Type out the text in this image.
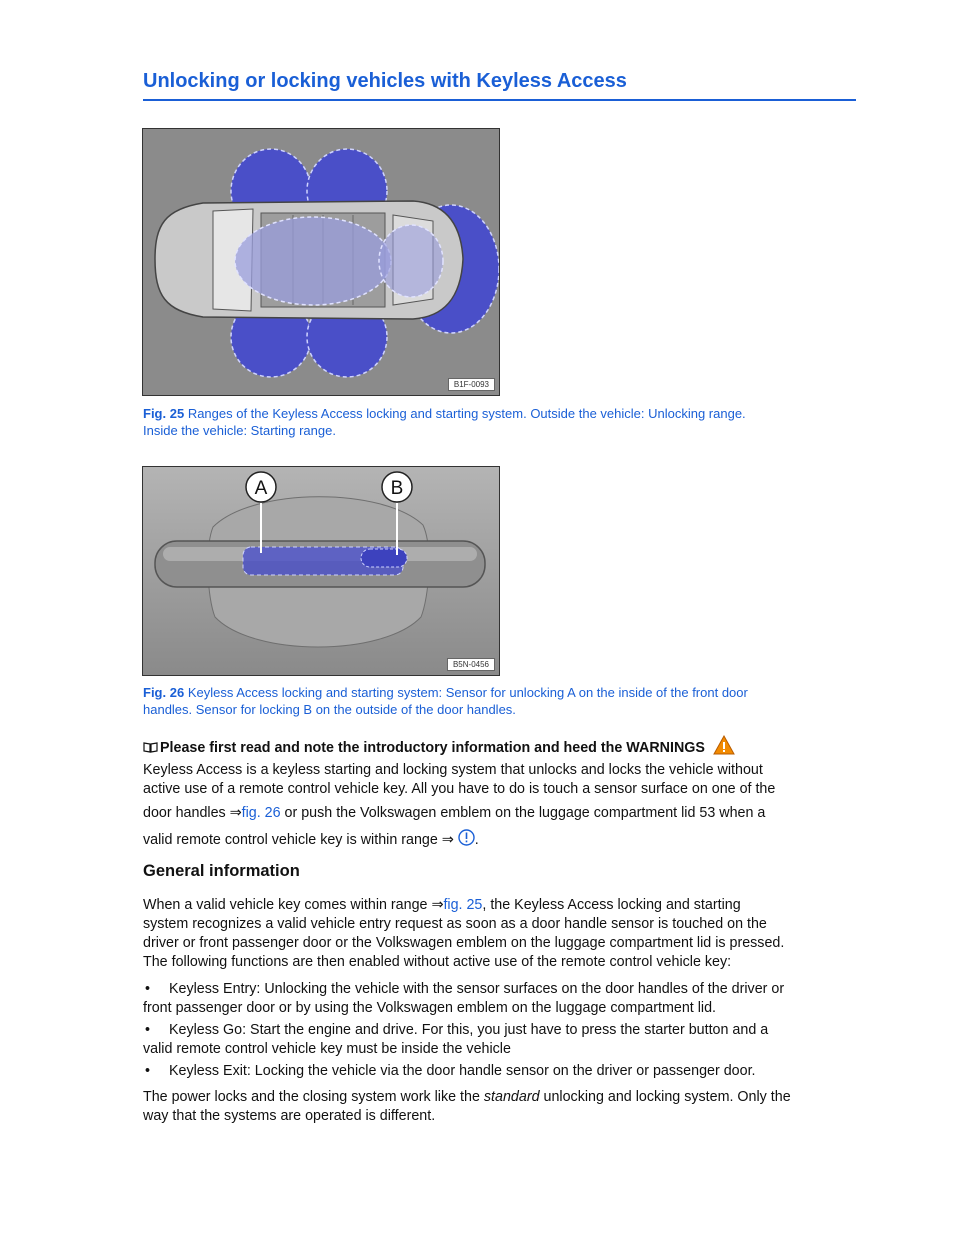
Unlocking or locking vehicles with Keyless Access
B1F-0093
Fig. 25 Ranges of the Keyless Access locking and starting system. Outside the vehicle: Unlocking range.
Inside the vehicle: Starting range.
A	B
B5N-0456
Fig. 26 Keyless Access locking and starting system: Sensor for unlocking A on the inside of the front door
handles. Sensor for locking B on the outside of the door handles.
Please first read and note the introductory information and heed the WARNINGS
Keyless Access is a keyless starting and locking system that unlocks and locks the vehicle without
active use of a remote control vehicle key. All you have to do is touch a sensor surface on one of the
door handles ⇒fig. 26 or push the Volkswagen emblem on the luggage compartment lid 53 when a
valid remote control vehicle key is within range ⇒ .
General information
When a valid vehicle key comes within range ⇒fig. 25, the Keyless Access locking and starting
system recognizes a valid vehicle entry request as soon as a door handle sensor is touched on the
driver or front passenger door or the Volkswagen emblem on the luggage compartment lid is pressed.
The following functions are then enabled without active use of the remote control vehicle key:
• Keyless Entry: Unlocking the vehicle with the sensor surfaces on the door handles of the driver or
front passenger door or by using the Volkswagen emblem on the luggage compartment lid.
• Keyless Go: Start the engine and drive. For this, you just have to press the starter button and a
valid remote control vehicle key must be inside the vehicle
• Keyless Exit: Locking the vehicle via the door handle sensor on the driver or passenger door.
The power locks and the closing system work like the standard unlocking and locking system. Only the
way that the systems are operated is different.
